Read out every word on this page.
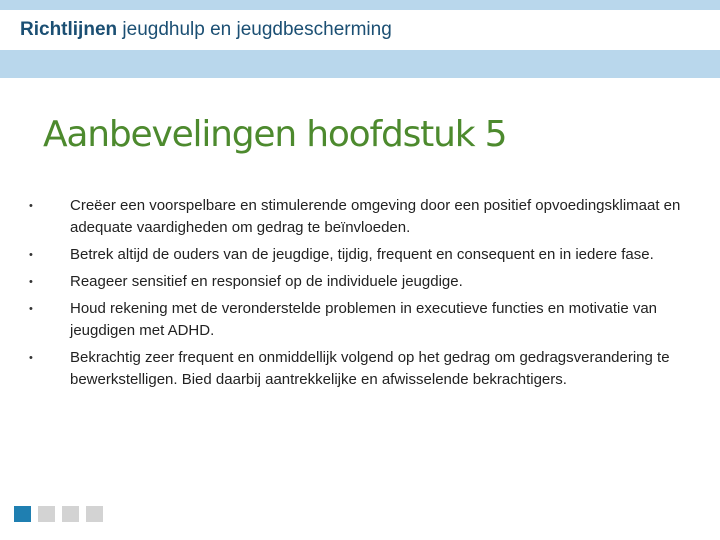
Richtlijnen jeugdhulp en jeugdbescherming
Aanbevelingen hoofdstuk 5
• Creëer een voorspelbare en stimulerende omgeving door een positief opvoedingsklimaat en adequate vaardigheden om gedrag te beïnvloeden.
• Betrek altijd de ouders van de jeugdige, tijdig, frequent en consequent en in iedere fase.
• Reageer sensitief en responsief op de individuele jeugdige.
• Houd rekening met de veronderstelde problemen in executieve functies en motivatie van jeugdigen met ADHD.
• Bekrachtig zeer frequent en onmiddellijk volgend op het gedrag om gedragsverandering te bewerkstelligen. Bied daarbij aantrekkelijke en afwisselende bekrachtigers.
